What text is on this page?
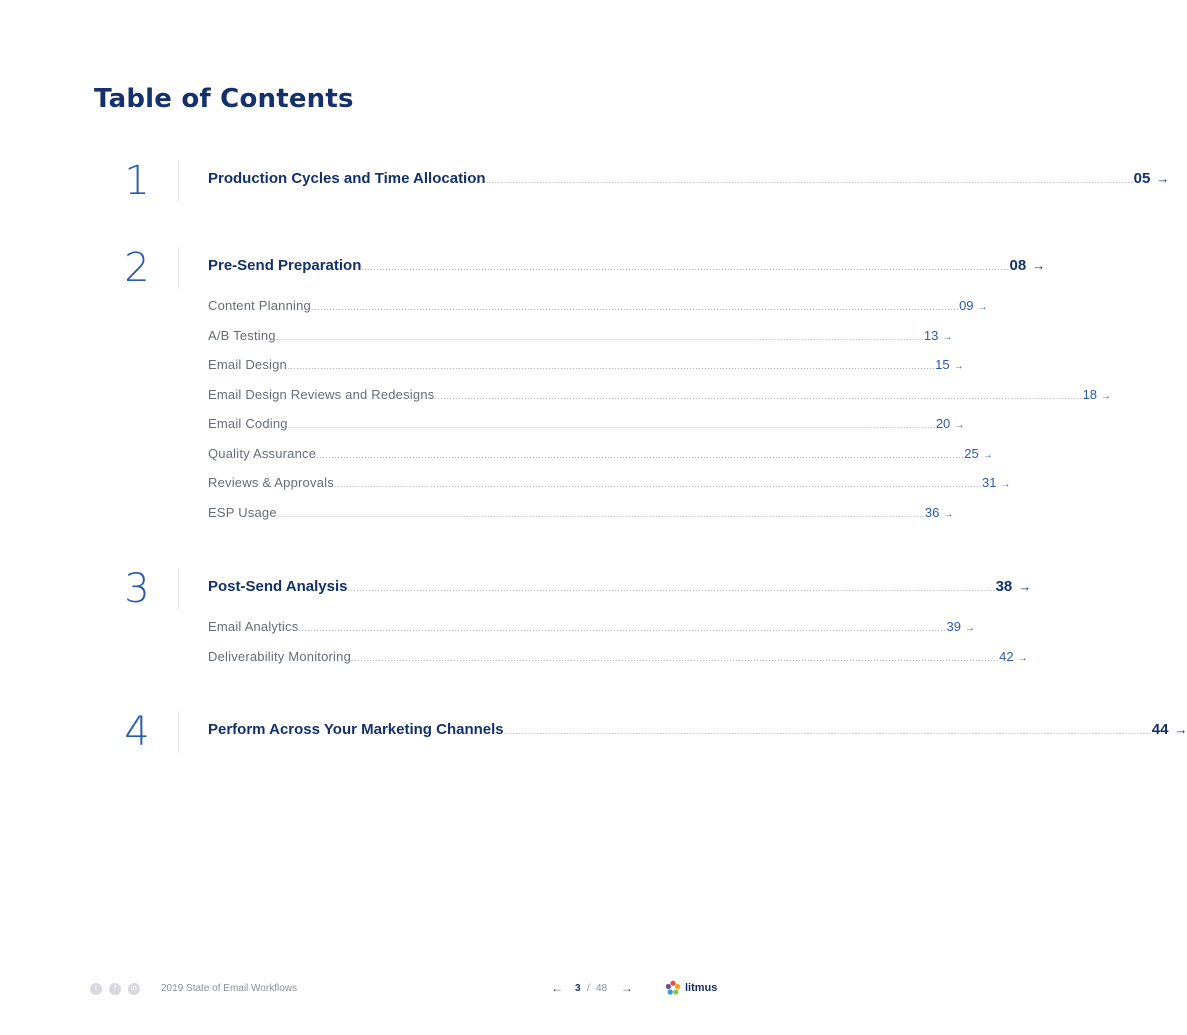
Table of Contents
1	Production Cycles and Time Allocation ........................................................................................................................................................................................................................ 05 →
2	Pre-Send Preparation ........................................................................................................................................................................................................................ 08 →
Content Planning ........................................................................................................................................................................................................................ 09 →
A/B Testing ........................................................................................................................................................................................................................ 13 →
Email Design ........................................................................................................................................................................................................................ 15 →
Email Design Reviews and Redesigns ........................................................................................................................................................................................................................ 18 →
Email Coding ........................................................................................................................................................................................................................ 20 →
Quality Assurance ........................................................................................................................................................................................................................ 25 →
Reviews & Approvals ........................................................................................................................................................................................................................ 31 →
ESP Usage ........................................................................................................................................................................................................................ 36 →
3	Post-Send Analysis ........................................................................................................................................................................................................................ 38 →
Email Analytics ........................................................................................................................................................................................................................ 39 →
Deliverability Monitoring ........................................................................................................................................................................................................................ 42 →
4	Perform Across Your Marketing Channels ........................................................................................................................................................................................................................ 44 →
t	f	in	2019 State of Email Workflows	← 3 / 48 →	litmus
